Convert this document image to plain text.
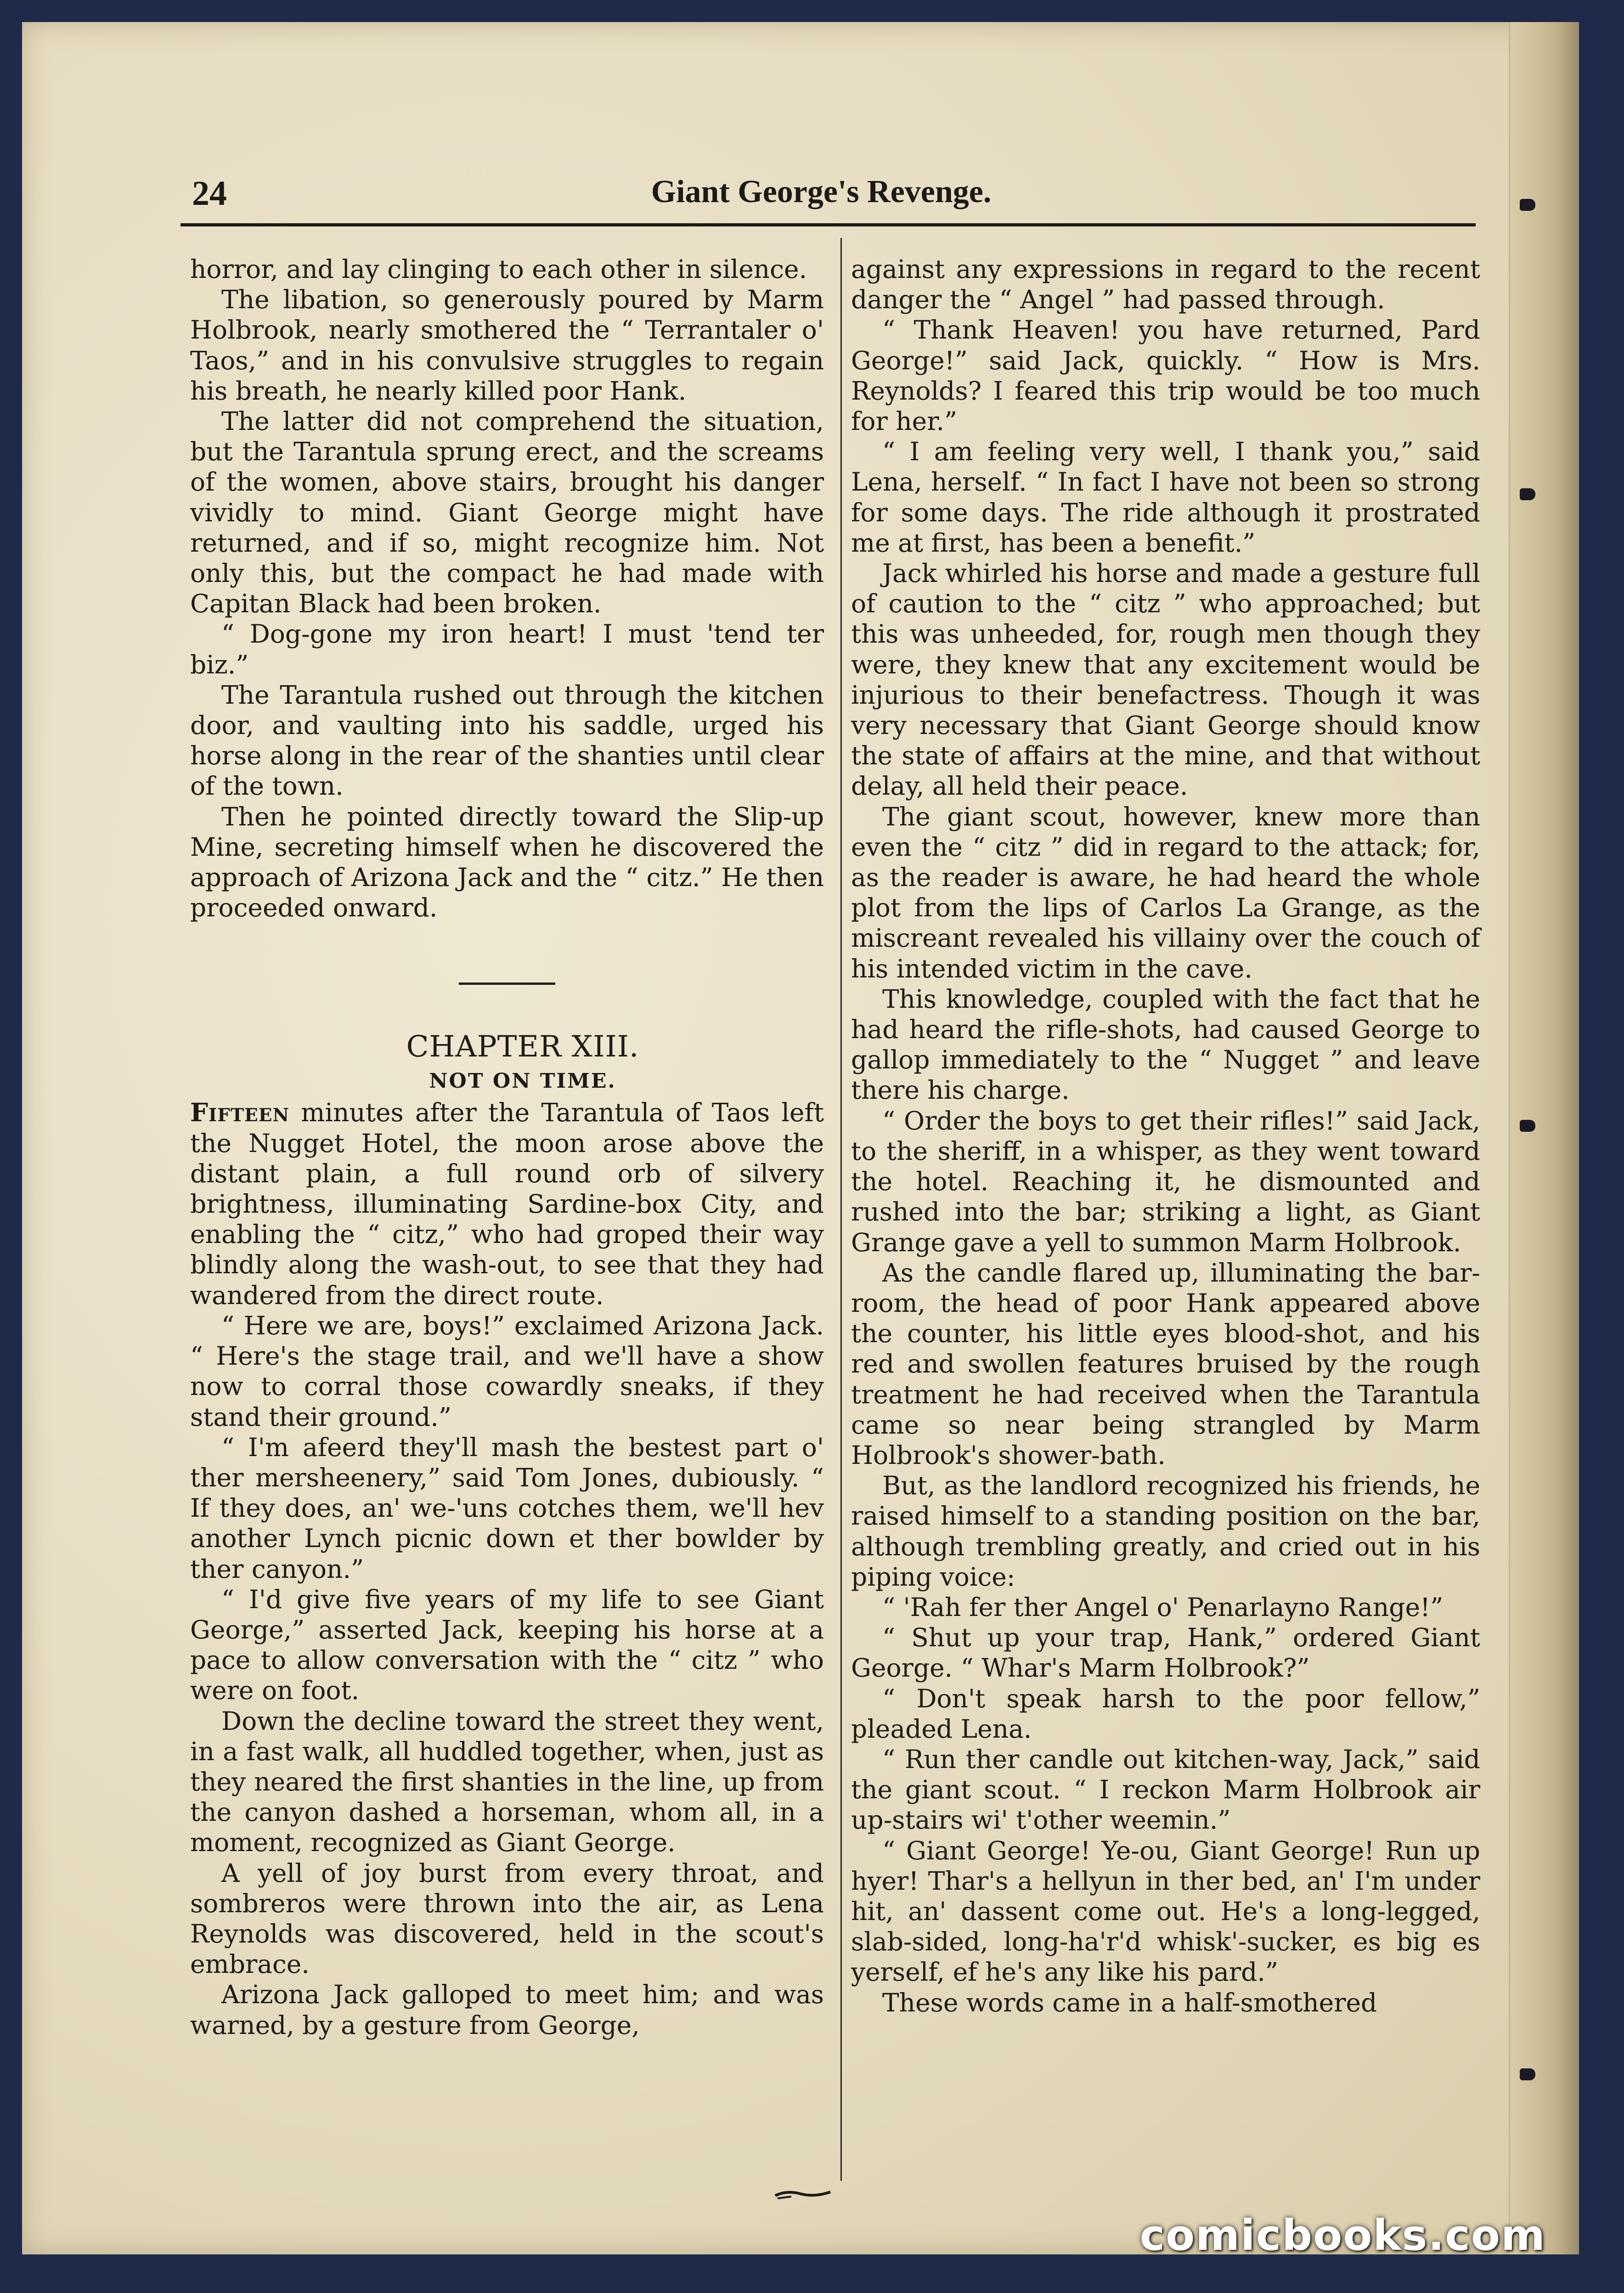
24	Giant George's Revenge.

horror, and lay clinging to each other in silence.

The libation, so generously poured by Marm Holbrook, nearly smothered the “ Terrantaler o' Taos,” and in his convulsive struggles to regain his breath, he nearly killed poor Hank.

The latter did not comprehend the situation, but the Tarantula sprung erect, and the screams of the women, above stairs, brought his danger vividly to mind. Giant George might have returned, and if so, might recognize him. Not only this, but the compact he had made with Capitan Black had been broken.

“ Dog-gone my iron heart! I must 'tend ter biz.”

The Tarantula rushed out through the kitchen door, and vaulting into his saddle, urged his horse along in the rear of the shanties until clear of the town.

Then he pointed directly toward the Slip-up Mine, secreting himself when he discovered the approach of Arizona Jack and the “ citz.” He then proceeded onward.

CHAPTER XIII.

NOT ON TIME.

Fifteen minutes after the Tarantula of Taos left the Nugget Hotel, the moon arose above the distant plain, a full round orb of silvery brightness, illuminating Sardine-box City, and enabling the “ citz,” who had groped their way blindly along the wash-out, to see that they had wandered from the direct route.

“ Here we are, boys!” exclaimed Arizona Jack. “ Here's the stage trail, and we'll have a show now to corral those cowardly sneaks, if they stand their ground.”

“ I'm afeerd they'll mash the bestest part o' ther mersheenery,” said Tom Jones, dubiously. “ If they does, an' we-'uns cotches them, we'll hev another Lynch picnic down et ther bowlder by ther canyon.”

“ I'd give five years of my life to see Giant George,” asserted Jack, keeping his horse at a pace to allow conversation with the “ citz ” who were on foot.

Down the decline toward the street they went, in a fast walk, all huddled together, when, just as they neared the first shanties in the line, up from the canyon dashed a horseman, whom all, in a moment, recognized as Giant George.

A yell of joy burst from every throat, and sombreros were thrown into the air, as Lena Reynolds was discovered, held in the scout's embrace.

Arizona Jack galloped to meet him; and was warned, by a gesture from George,

against any expressions in regard to the recent danger the “ Angel ” had passed through.

“ Thank Heaven! you have returned, Pard George!” said Jack, quickly. “ How is Mrs. Reynolds? I feared this trip would be too much for her.”

“ I am feeling very well, I thank you,” said Lena, herself. “ In fact I have not been so strong for some days. The ride although it prostrated me at first, has been a benefit.”

Jack whirled his horse and made a gesture full of caution to the “ citz ” who approached; but this was unheeded, for, rough men though they were, they knew that any excitement would be injurious to their benefactress. Though it was very necessary that Giant George should know the state of affairs at the mine, and that without delay, all held their peace.

The giant scout, however, knew more than even the “ citz ” did in regard to the attack; for, as the reader is aware, he had heard the whole plot from the lips of Carlos La Grange, as the miscreant revealed his villainy over the couch of his intended victim in the cave.

This knowledge, coupled with the fact that he had heard the rifle-shots, had caused George to gallop immediately to the “ Nugget ” and leave there his charge.

“ Order the boys to get their rifles!” said Jack, to the sheriff, in a whisper, as they went toward the hotel. Reaching it, he dismounted and rushed into the bar; striking a light, as Giant Grange gave a yell to summon Marm Holbrook.

As the candle flared up, illuminating the bar-room, the head of poor Hank appeared above the counter, his little eyes blood-shot, and his red and swollen features bruised by the rough treatment he had received when the Tarantula came so near being strangled by Marm Holbrook's shower-bath.

But, as the landlord recognized his friends, he raised himself to a standing position on the bar, although trembling greatly, and cried out in his piping voice:

“ 'Rah fer ther Angel o' Penarlayno Range!”

“ Shut up your trap, Hank,” ordered Giant George. “ Whar's Marm Holbrook?”

“ Don't speak harsh to the poor fellow,” pleaded Lena.

“ Run ther candle out kitchen-way, Jack,” said the giant scout. “ I reckon Marm Holbrook air up-stairs wi' t'other weemin.”

“ Giant George! Ye-ou, Giant George! Run up hyer! Thar's a hellyun in ther bed, an' I'm under hit, an' dassent come out. He's a long-legged, slab-sided, long-ha'r'd whisk'-sucker, es big es yerself, ef he's any like his pard.”

These words came in a half-smothered

comicbooks.com
